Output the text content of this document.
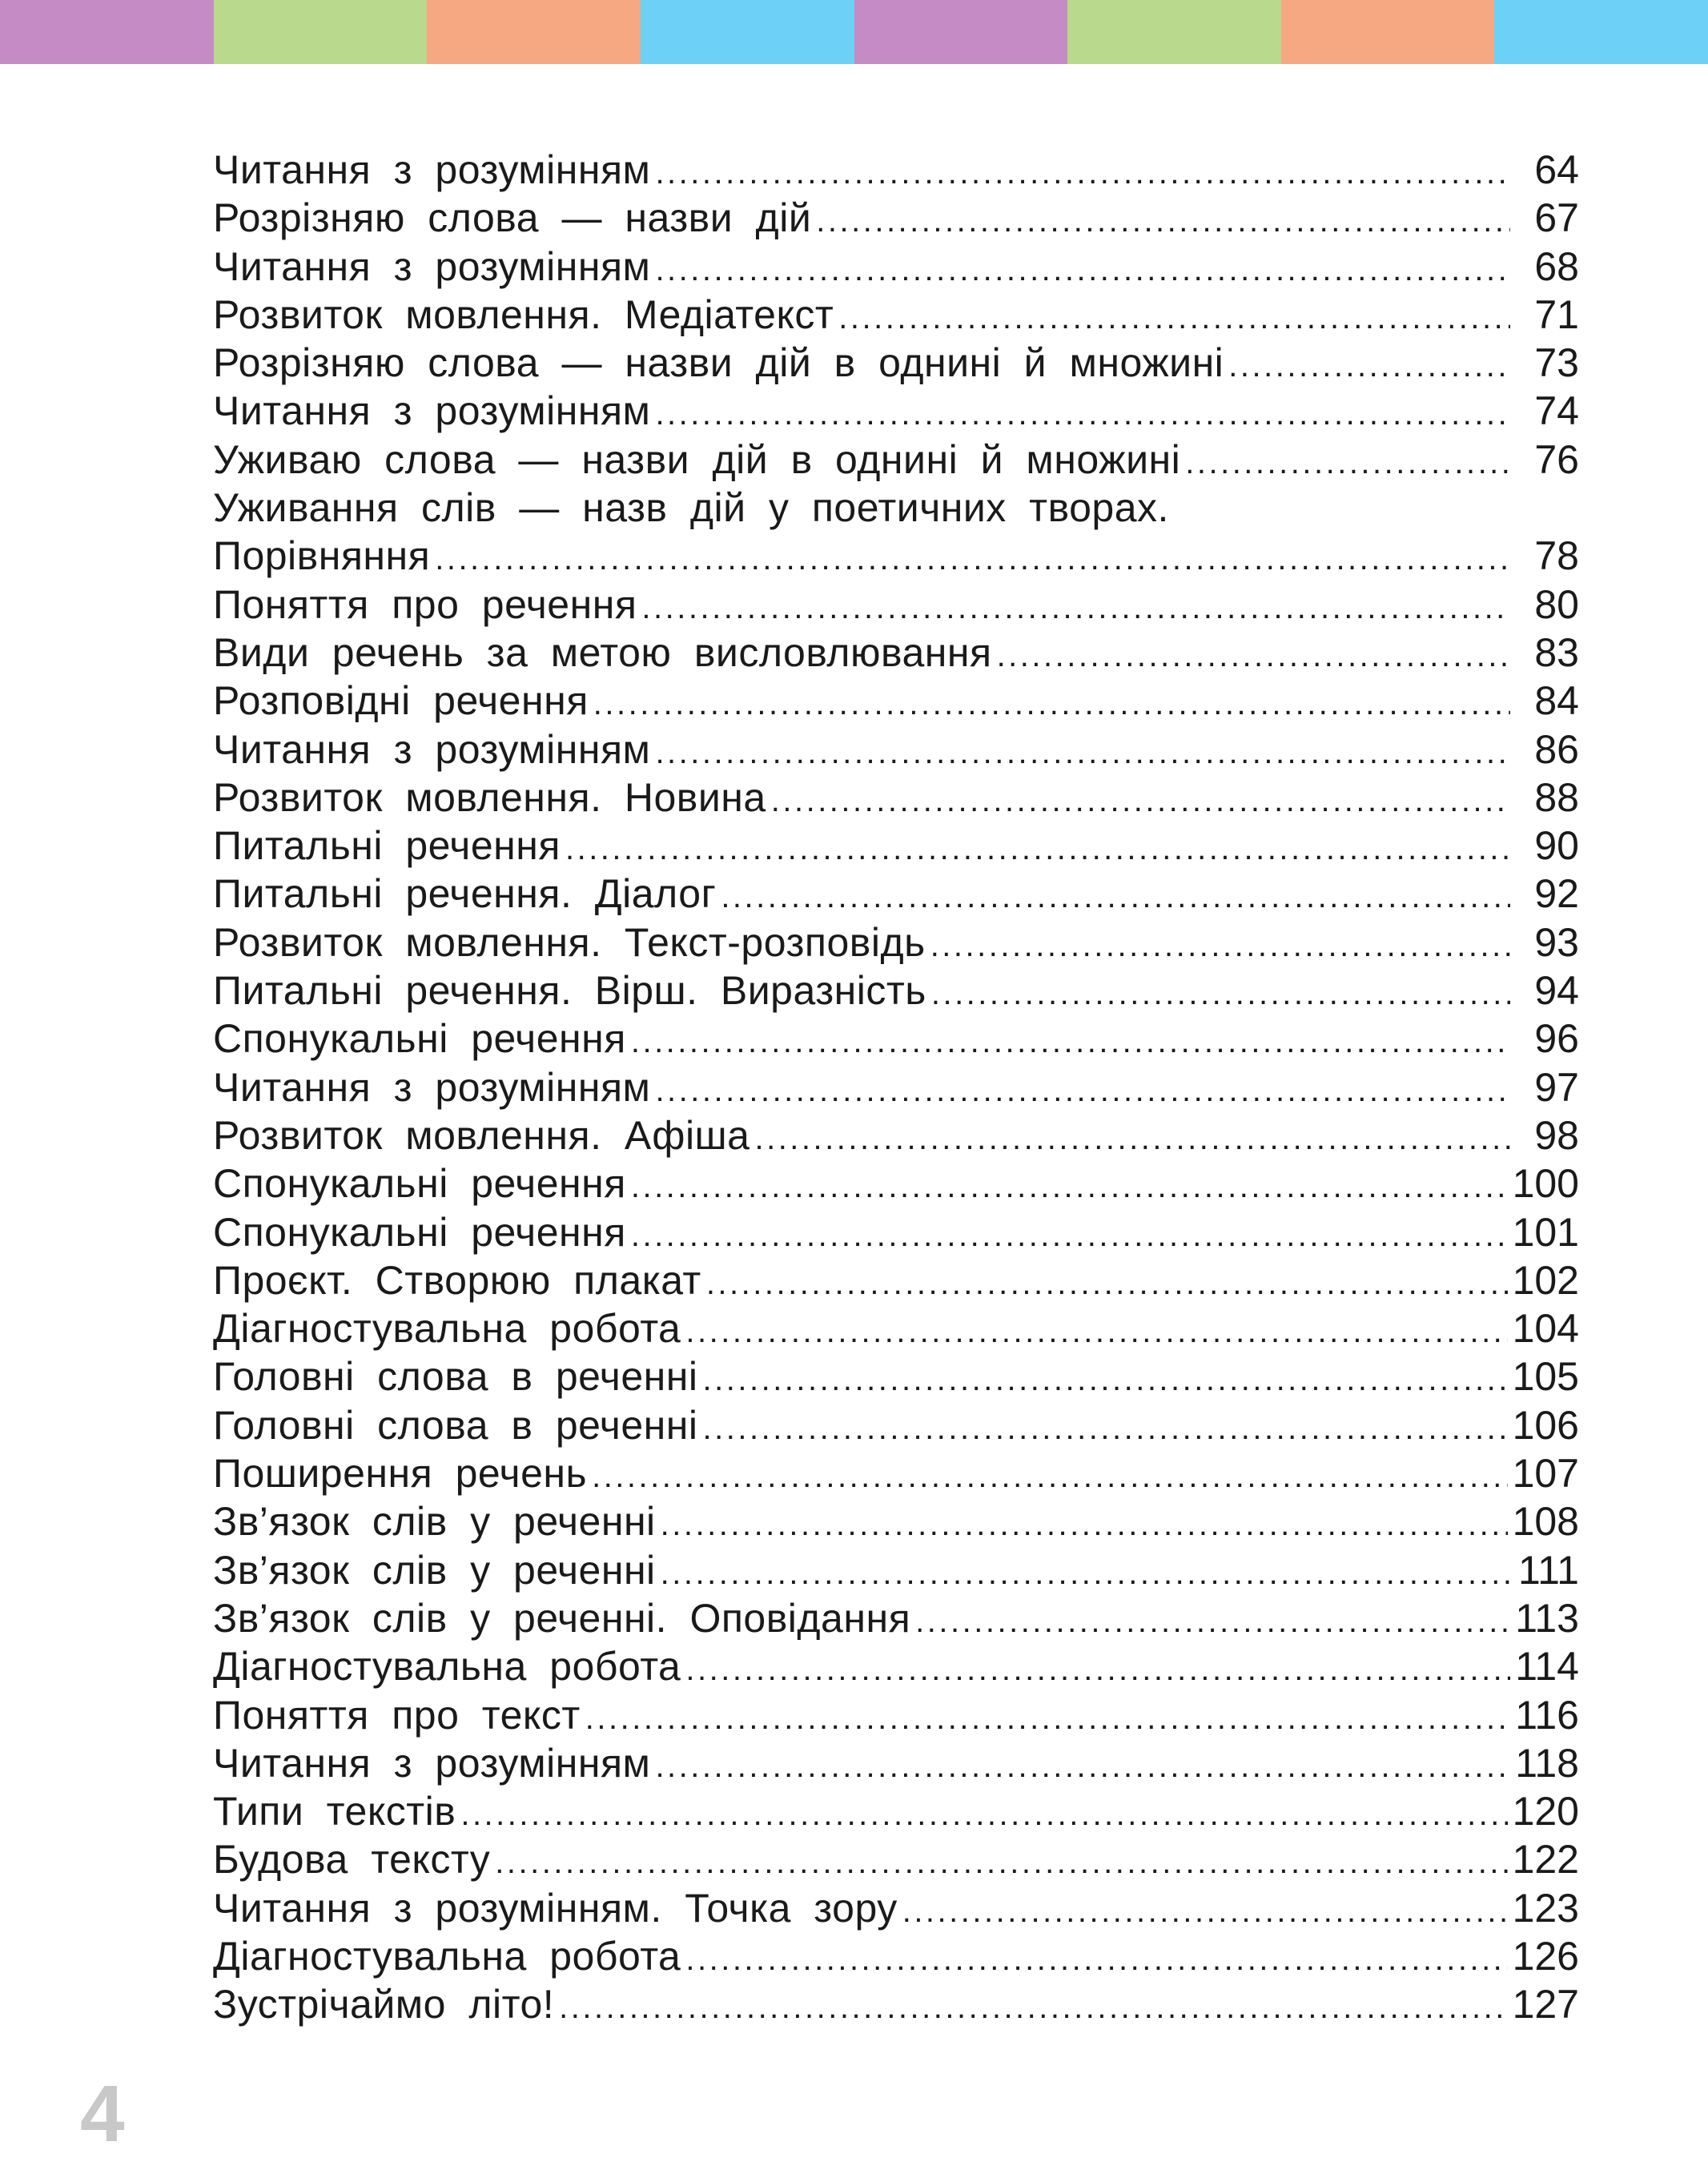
Читання з розумінням .....	64
Розрізняю слова — назви дій .....	67
Читання з розумінням .....	68
Розвиток мовлення. Медіатекст .....	71
Розрізняю слова — назви дій в однині й множині .....	73
Читання з розумінням .....	74
Уживаю слова — назви дій в однині й множині .....	76
Уживання слів — назв дій у поетичних творах.
Порівняння .....	78
Поняття про речення .....	80
Види речень за метою висловлювання .....	83
Розповідні речення .....	84
Читання з розумінням .....	86
Розвиток мовлення. Новина .....	88
Питальні речення .....	90
Питальні речення. Діалог .....	92
Розвиток мовлення. Текст-розповідь .....	93
Питальні речення. Вірш. Виразність .....	94
Спонукальні речення .....	96
Читання з розумінням .....	97
Розвиток мовлення. Афіша .....	98
Спонукальні речення .....	100
Спонукальні речення .....	101
Проєкт. Створюю плакат .....	102
Діагностувальна робота .....	104
Головні слова в реченні .....	105
Головні слова в реченні .....	106
Поширення речень .....	107
Зв’язок слів у реченні .....	108
Зв’язок слів у реченні .....	111
Зв’язок слів у реченні. Оповідання .....	113
Діагностувальна робота .....	114
Поняття про текст .....	116
Читання з розумінням .....	118
Типи текстів .....	120
Будова тексту .....	122
Читання з розумінням. Точка зору .....	123
Діагностувальна робота .....	126
Зустрічаймо літо! .....	127
4
